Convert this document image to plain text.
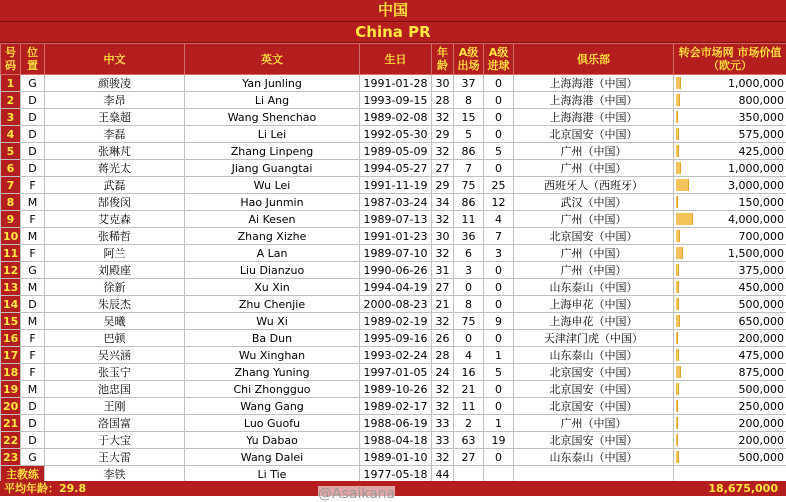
中国
China PR
号码	位置	中文	英文	生日	年龄	A级出场	A级进球	俱乐部	转会市场网 市场价值（欧元）
1	G	颜骏凌	Yan Junling	1991-01-28	30	37	0	上海海港（中国）	1,000,000
2	D	李昂	Li Ang	1993-09-15	28	8	0	上海海港（中国）	800,000
3	D	王燊超	Wang Shenchao	1989-02-08	32	15	0	上海海港（中国）	350,000
4	D	李磊	Li Lei	1992-05-30	29	5	0	北京国安（中国）	575,000
5	D	张琳芃	Zhang Linpeng	1989-05-09	32	86	5	广州（中国）	425,000
6	D	蒋光太	Jiang Guangtai	1994-05-27	27	7	0	广州（中国）	1,000,000
7	F	武磊	Wu Lei	1991-11-19	29	75	25	西班牙人（西班牙）	3,000,000
8	M	郜俊闵	Hao Junmin	1987-03-24	34	86	12	武汉（中国）	150,000
9	F	艾克森	Ai Kesen	1989-07-13	32	11	4	广州（中国）	4,000,000
10	M	张稀哲	Zhang Xizhe	1991-01-23	30	36	7	北京国安（中国）	700,000
11	F	阿兰	A Lan	1989-07-10	32	6	3	广州（中国）	1,500,000
12	G	刘殿座	Liu Dianzuo	1990-06-26	31	3	0	广州（中国）	375,000
13	M	徐新	Xu Xin	1994-04-19	27	0	0	山东泰山（中国）	450,000
14	D	朱辰杰	Zhu Chenjie	2000-08-23	21	8	0	上海申花（中国）	500,000
15	M	吴曦	Wu Xi	1989-02-19	32	75	9	上海申花（中国）	650,000
16	F	巴顿	Ba Dun	1995-09-16	26	0	0	天津津门虎（中国）	200,000
17	F	吴兴涵	Wu Xinghan	1993-02-24	28	4	1	山东泰山（中国）	475,000
18	F	张玉宁	Zhang Yuning	1997-01-05	24	16	5	北京国安（中国）	875,000
19	M	池忠国	Chi Zhongguo	1989-10-26	32	21	0	北京国安（中国）	500,000
20	D	王刚	Wang Gang	1989-02-17	32	11	0	北京国安（中国）	250,000
21	D	洛国富	Luo Guofu	1988-06-19	33	2	1	广州（中国）	200,000
22	D	于大宝	Yu Dabao	1988-04-18	33	63	19	北京国安（中国）	200,000
23	G	王大雷	Wang Dalei	1989-01-10	32	27	0	山东泰山（中国）	500,000
主教练		李铁	Li Tie	1977-05-18	44				
平均年龄：29.8	18,675,000
@Asaikana
